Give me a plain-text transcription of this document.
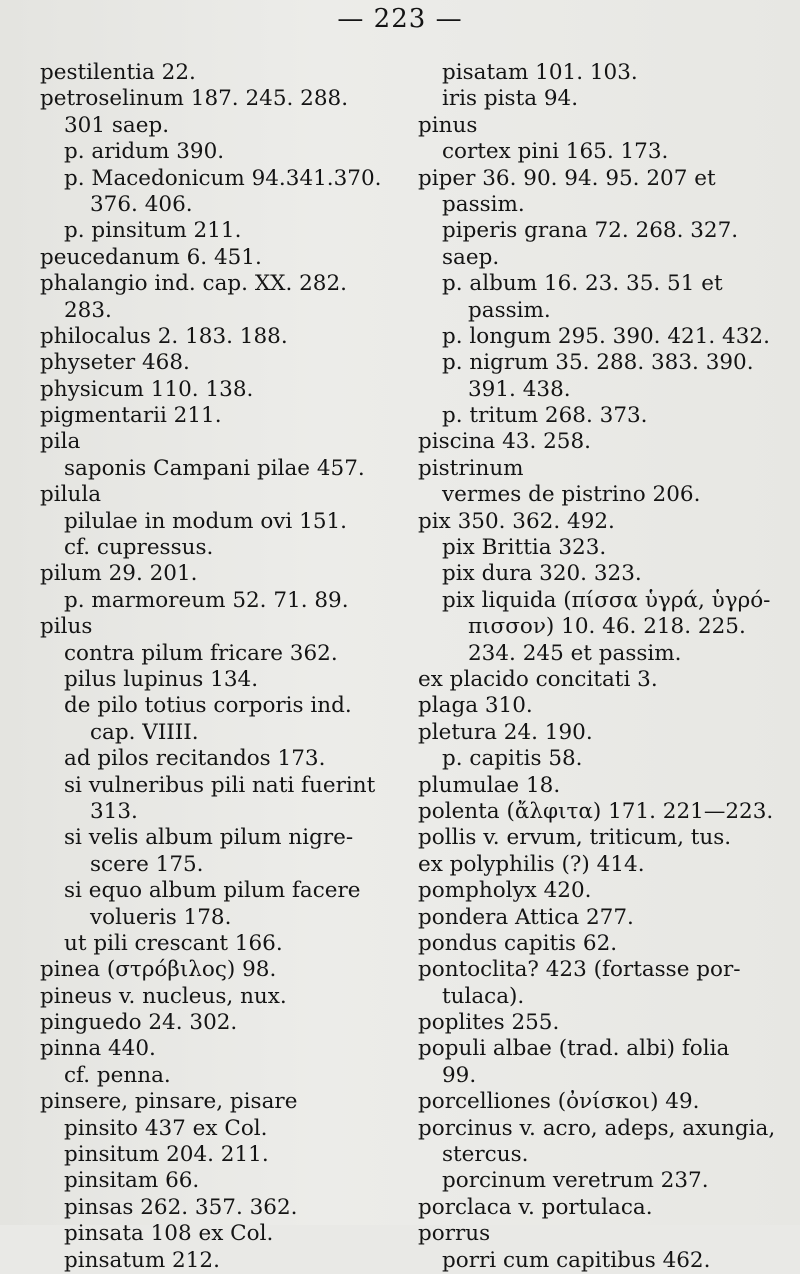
— 223 —
pestilentia 22.
petroselinum 187. 245. 288.
301 saep.
p. aridum 390.
p. Macedonicum 94.341.370.
376. 406.
p. pinsitum 211.
peucedanum 6. 451.
phalangio ind. cap. XX. 282.
283.
philocalus 2. 183. 188.
physeter 468.
physicum 110. 138.
pigmentarii 211.
pila
saponis Campani pilae 457.
pilula
pilulae in modum ovi 151.
cf. cupressus.
pilum 29. 201.
p. marmoreum 52. 71. 89.
pilus
contra pilum fricare 362.
pilus lupinus 134.
de pilo totius corporis ind.
cap. VIIII.
ad pilos recitandos 173.
si vulneribus pili nati fuerint
313.
si velis album pilum nigre-
scere 175.
si equo album pilum facere
volueris 178.
ut pili crescant 166.
pinea (στρόβιλος) 98.
pineus v. nucleus, nux.
pinguedo 24. 302.
pinna 440.
cf. penna.
pinsere, pinsare, pisare
pinsito 437 ex Col.
pinsitum 204. 211.
pinsitam 66.
pinsas 262. 357. 362.
pinsata 108 ex Col.
pinsatum 212.
pisatam 101. 103.
iris pista 94.
pinus
cortex pini 165. 173.
piper 36. 90. 94. 95. 207 et
passim.
piperis grana 72. 268. 327.
saep.
p. album 16. 23. 35. 51 et
passim.
p. longum 295. 390. 421. 432.
p. nigrum 35. 288. 383. 390.
391. 438.
p. tritum 268. 373.
piscina 43. 258.
pistrinum
vermes de pistrino 206.
pix 350. 362. 492.
pix Brittia 323.
pix dura 320. 323.
pix liquida (πίσσα ὑγρά, ὑγρό-
πισσον) 10. 46. 218. 225.
234. 245 et passim.
ex placido concitati 3.
plaga 310.
pletura 24. 190.
p. capitis 58.
plumulae 18.
polenta (ἄλφιτα) 171. 221—223.
pollis v. ervum, triticum, tus.
ex polyphilis (?) 414.
pompholyx 420.
pondera Attica 277.
pondus capitis 62.
pontoclita? 423 (fortasse por-
tulaca).
poplites 255.
populi albae (trad. albi) folia
99.
porcelliones (ὀνίσκοι) 49.
porcinus v. acro, adeps, axungia,
stercus.
porcinum veretrum 237.
porclaca v. portulaca.
porrus
porri cum capitibus 462.
